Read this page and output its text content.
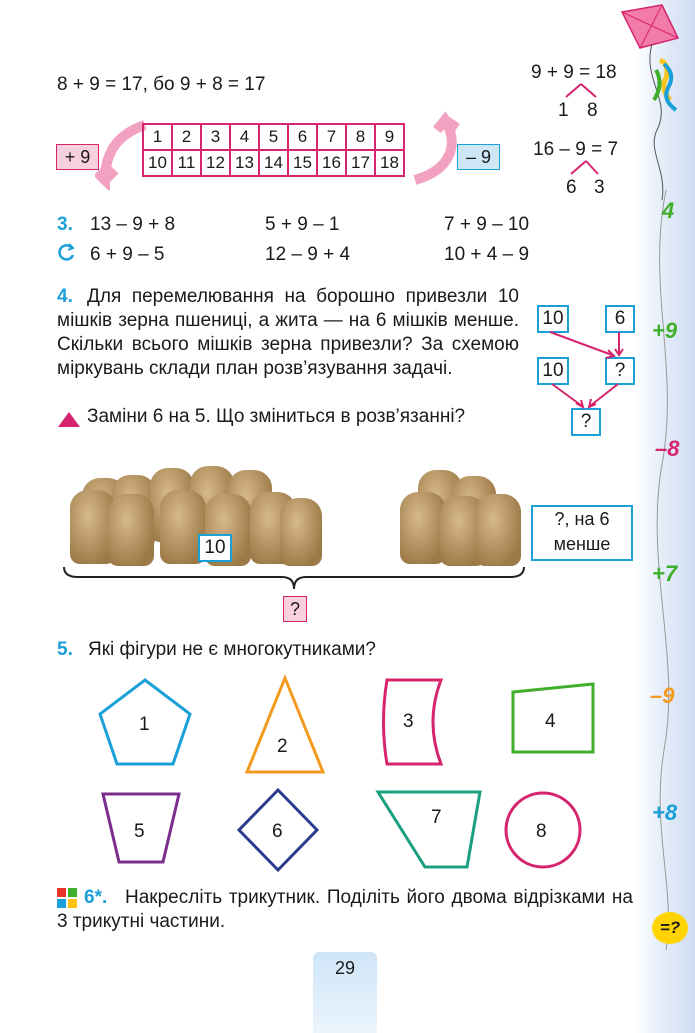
4
+9
–8
+7
–9
+8
=?
8 + 9 = 17, бо 9 + 8 = 17
9 + 9 = 18
1 8
16 – 9 = 7
6 3
+ 9	– 9
1	2	3	4	5	6	7	8	9
10	11	12	13	14	15	16	17	18
3. 13 – 9 + 8	5 + 9 – 1	7 + 9 – 10
6 + 9 – 5	12 – 9 + 4	10 + 4 – 9
4. Для перемелювання на борошно привезли 10 мішків зерна пшениці, а жита — на 6 мішків менше. Скільки всього мішків зерна привезли? За схемою міркувань склади план розв’язування задачі.
Заміни 6 на 5. Що зміниться в розв’язанні?
10	6
10	?
?
10
?, на 6 менше
?
5. Які фігури не є многокутниками?
1
2
3	4
5	6
7
8
6*. Накресліть трикутник. Поділіть його двома відрізками на 3 трикутні частини.
29
